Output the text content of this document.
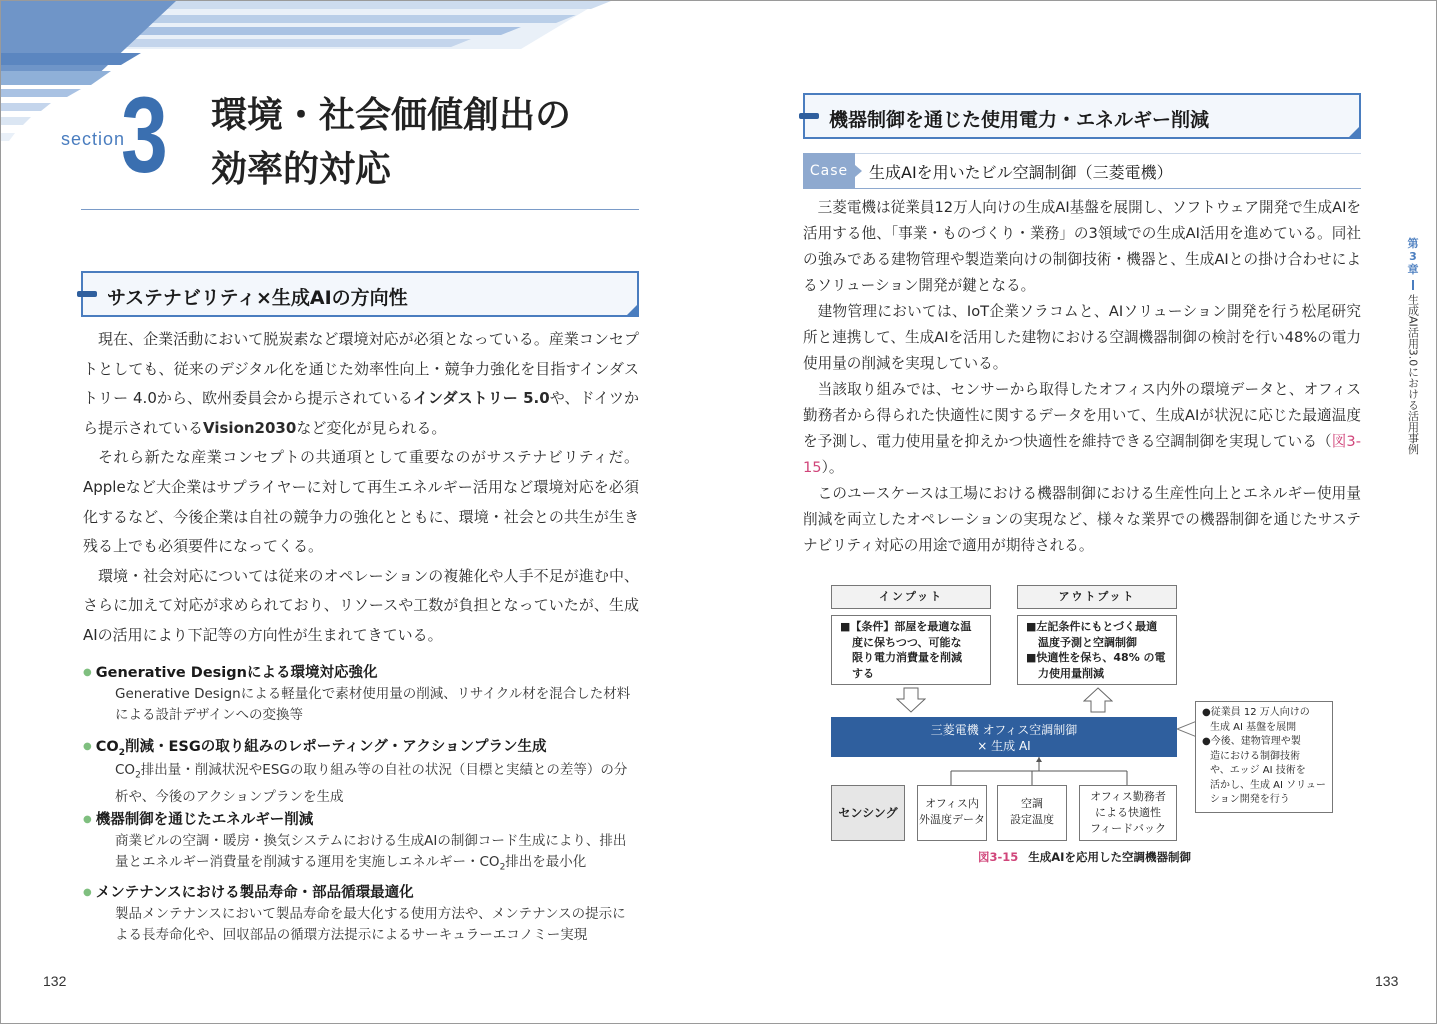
section
3 環境・社会価値創出の
効率的対応
サステナビリティ×生成AIの方向性

現在、企業活動において脱炭素など環境対応が必須となっている。産業コンセプトとしても、従来のデジタル化を通じた効率性向上・競争力強化を目指すインダストリー 4.0から、欧州委員会から提示されているインダストリー 5.0や、ドイツから提示されているVision2030など変化が見られる。

それら新たな産業コンセプトの共通項として重要なのがサステナビリティだ。Appleなど大企業はサプライヤーに対して再生エネルギー活用など環境対応を必須化するなど、今後企業は自社の競争力の強化とともに、環境・社会との共生が生き残る上でも必須要件になってくる。

環境・社会対応については従来のオペレーションの複雑化や人手不足が進む中、さらに加えて対応が求められており、リソースや工数が負担となっていたが、生成AIの活用により下記等の方向性が生まれてきている。

● Generative Designによる環境対応強化
Generative Designによる軽量化で素材使用量の削減、リサイクル材を混合した材料による設計デザインへの変換等
● $CO_2$削減・ESGの取り組みのレポーティング・アクションプラン生成
$CO_2$排出量・削減状況やESGの取り組み等の自社の状況（目標と実績との差等）の分析や、今後のアクションプランを生成
● 機器制御を通じたエネルギー削減
商業ビルの空調・暖房・換気システムにおける生成AIの制御コード生成により、排出量とエネルギー消費量を削減する運用を実施しエネルギー・$CO_2$排出を最小化
● メンテナンスにおける製品寿命・部品循環最適化
製品メンテナンスにおいて製品寿命を最大化する使用方法や、メンテナンスの提示による長寿命化や、回収部品の循環方法提示によるサーキュラーエコノミー実現
132
機器制御を通じた使用電力・エネルギー削減
Case	生成AIを用いたビル空調制御（三菱電機）

三菱電機は従業員12万人向けの生成AI基盤を展開し、ソフトウェア開発で生成AIを活用する他、「事業・ものづくり・業務」の3領域での生成AI活用を進めている。同社の強みである建物管理や製造業向けの制御技術・機器と、生成AIとの掛け合わせによるソリューション開発が鍵となる。

建物管理においては、IoT企業ソラコムと、AIソリューション開発を行う松尾研究所と連携して、生成AIを活用した建物における空調機器制御の検討を行い48%の電力使用量の削減を実現している。

当該取り組みでは、センサーから取得したオフィス内外の環境データと、オフィス勤務者から得られた快適性に関するデータを用いて、生成AIが状況に応じた最適温度を予測し、電力使用量を抑えかつ快適性を維持できる空調制御を実現している（図3-15）。

このユースケースは工場における機器制御における生産性向上とエネルギー使用量削減を両立したオペレーションの実現など、様々な業界での機器制御を通じたサステナビリティ対応の用途で適用が期待される。

第
3
章
生成AI活用3.0における活用事例
インプット	アウトプット
■【条件】部屋を最適な温
度に保ちつつ、可能な
限り電力消費量を削減
する
■左記条件にもとづく最適
温度予測と空調制御
■快適性を保ち、48% の電
力使用量削減
三菱電機 オフィス空調制御
× 生成 AI
センシング
オフィス内
外温度データ
空調
設定温度
オフィス勤務者
による快適性
フィードバック
●従業員 12 万人向けの
生成 AI 基盤を展開
●今後、建物管理や製
造における制御技術
や、エッジ AI 技術を
活かし、生成 AI ソリュー
ション開発を行う
図3-15 生成AIを応用した空調機器制御
133
